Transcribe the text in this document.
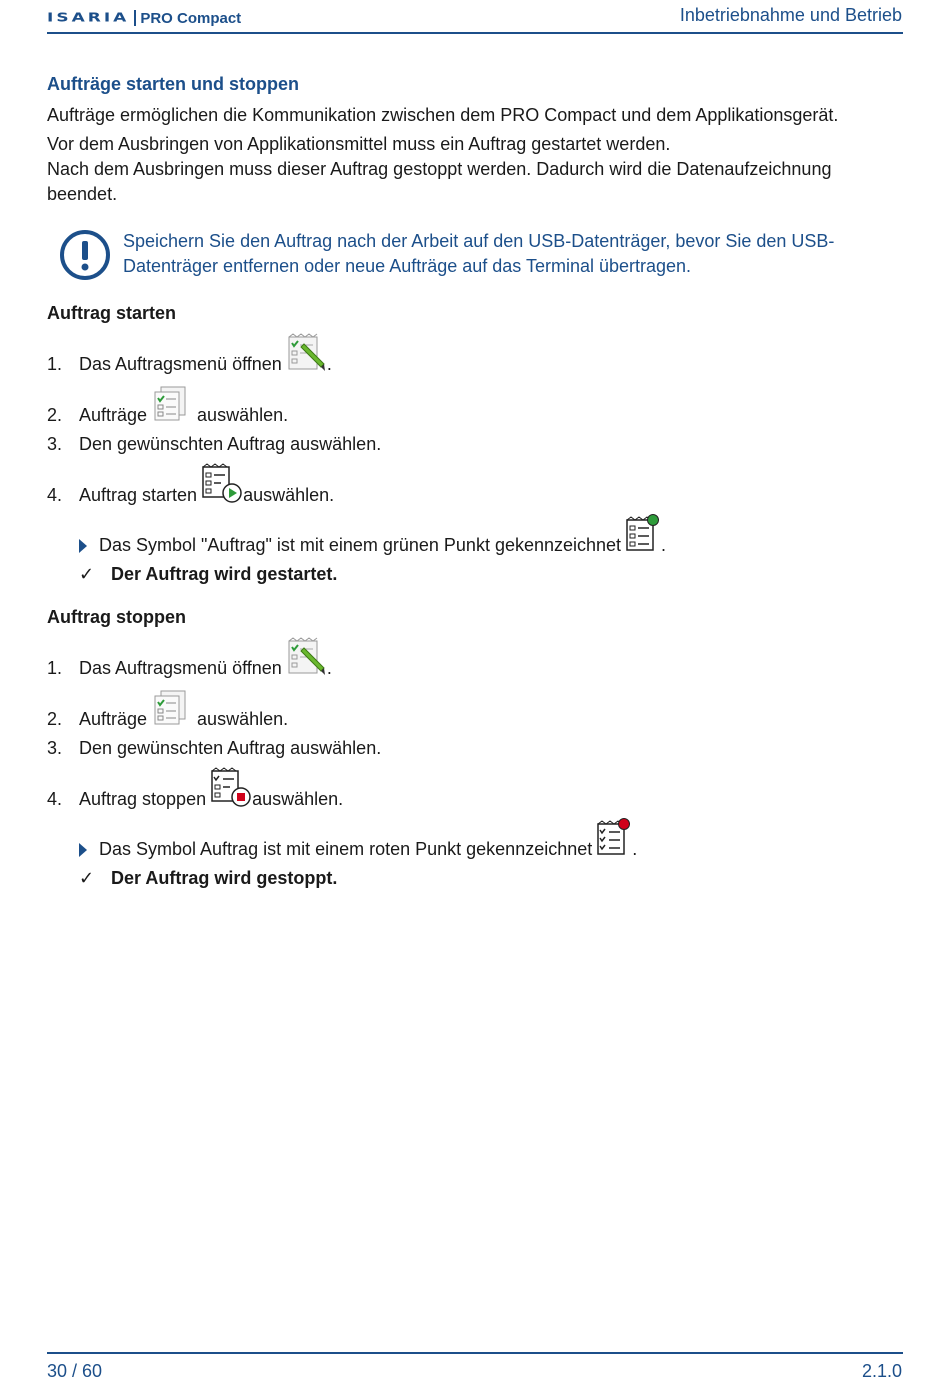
ISARIA PRO Compact	Inbetriebnahme und Betrieb
Aufträge starten und stoppen
Aufträge ermöglichen die Kommunikation zwischen dem PRO Compact und dem Applikationsgerät.
Vor dem Ausbringen von Applikationsmittel muss ein Auftrag gestartet werden.
Nach dem Ausbringen muss dieser Auftrag gestoppt werden. Dadurch wird die Datenaufzeichnung beendet.
Speichern Sie den Auftrag nach der Arbeit auf den USB-Datenträger, bevor Sie den USB-Datenträger entfernen oder neue Aufträge auf das Terminal übertragen.
Auftrag starten
1. Das Auftragsmenü öffnen	.
2. Aufträge	auswählen.
3. Den gewünschten Auftrag auswählen.
4. Auftrag starten	auswählen.
Das Symbol "Auftrag" ist mit einem grünen Punkt gekennzeichnet .
✓ Der Auftrag wird gestartet.
Auftrag stoppen
1. Das Auftragsmenü öffnen	.
2. Aufträge	auswählen.
3. Den gewünschten Auftrag auswählen.
4. Auftrag stoppen	auswählen.
Das Symbol Auftrag ist mit einem roten Punkt gekennzeichnet .
✓ Der Auftrag wird gestoppt.
30 / 60	2.1.0
